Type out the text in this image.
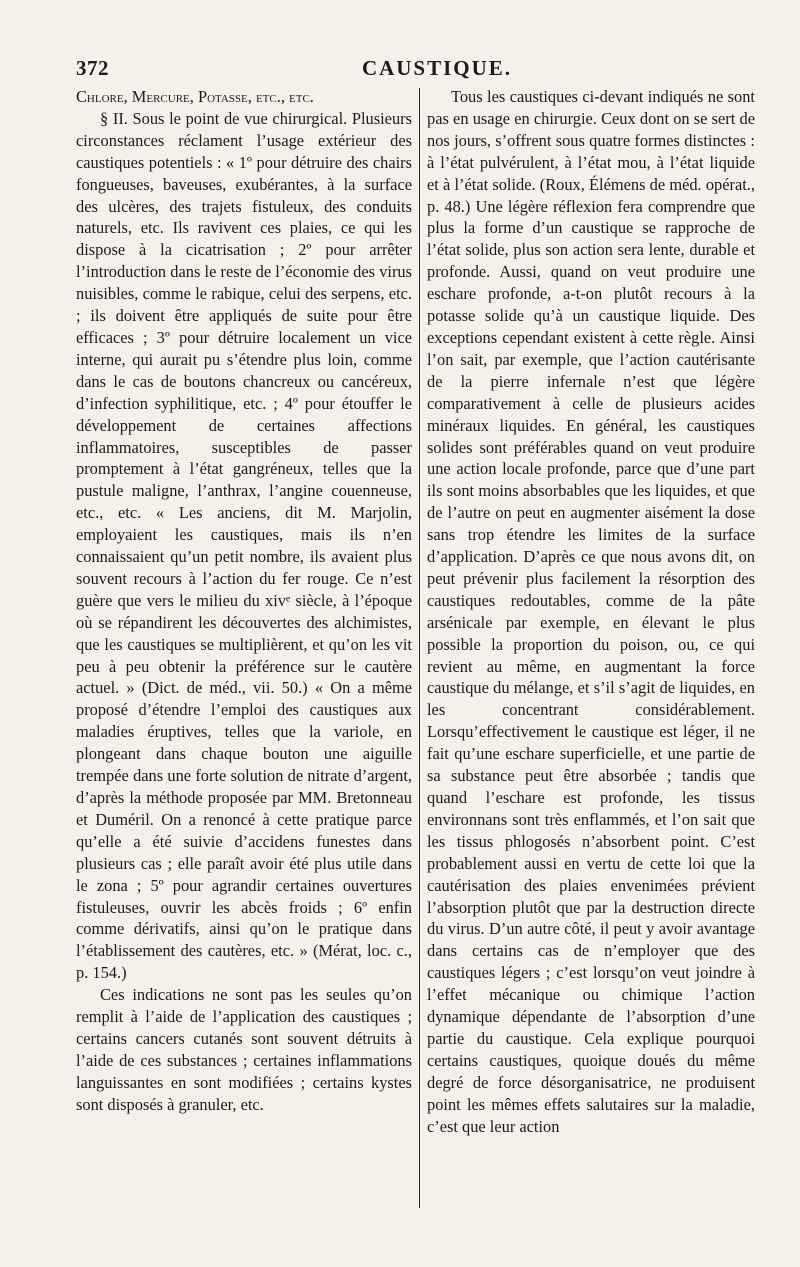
372	CAUSTIQUE.

Chlore, Mercure, Potasse, etc., etc.

§ II. Sous le point de vue chirurgical. Plusieurs circonstances réclament l’usage extérieur des caustiques potentiels : « 1º pour détruire des chairs fongueuses, baveuses, exubérantes, à la surface des ulcères, des trajets fistuleux, des conduits naturels, etc. Ils ravivent ces plaies, ce qui les dispose à la cicatrisation ; 2º pour arrêter l’introduction dans le reste de l’économie des virus nuisibles, comme le rabique, celui des serpens, etc. ; ils doivent être appliqués de suite pour être efficaces ; 3º pour détruire localement un vice interne, qui aurait pu s’étendre plus loin, comme dans le cas de boutons chancreux ou cancéreux, d’infection syphilitique, etc. ; 4º pour étouffer le développement de certaines affections inflammatoires, susceptibles de passer promptement à l’état gangréneux, telles que la pustule maligne, l’anthrax, l’angine couenneuse, etc., etc. « Les anciens, dit M. Marjolin, employaient les caustiques, mais ils n’en connaissaient qu’un petit nombre, ils avaient plus souvent recours à l’action du fer rouge. Ce n’est guère que vers le milieu du xivᵉ siècle, à l’époque où se répandirent les découvertes des alchimistes, que les caustiques se multiplièrent, et qu’on les vit peu à peu obtenir la préférence sur le cautère actuel. » (Dict. de méd., vii. 50.) « On a même proposé d’étendre l’emploi des caustiques aux maladies éruptives, telles que la variole, en plongeant dans chaque bouton une aiguille trempée dans une forte solution de nitrate d’argent, d’après la méthode proposée par MM. Bretonneau et Duméril. On a renoncé à cette pratique parce qu’elle a été suivie d’accidens funestes dans plusieurs cas ; elle paraît avoir été plus utile dans le zona ; 5º pour agrandir certaines ouvertures fistuleuses, ouvrir les abcès froids ; 6º enfin comme dérivatifs, ainsi qu’on le pratique dans l’établissement des cautères, etc. » (Mérat, loc. c., p. 154.)

Ces indications ne sont pas les seules qu’on remplit à l’aide de l’application des caustiques ; certains cancers cutanés sont souvent détruits à l’aide de ces substances ; certaines inflammations languissantes en sont modifiées ; certains kystes sont disposés à granuler, etc.

Tous les caustiques ci-devant indiqués ne sont pas en usage en chirurgie. Ceux dont on se sert de nos jours, s’offrent sous quatre formes distinctes : à l’état pulvérulent, à l’état mou, à l’état liquide et à l’état solide. (Roux, Élémens de méd. opérat., p. 48.) Une légère réflexion fera comprendre que plus la forme d’un caustique se rapproche de l’état solide, plus son action sera lente, durable et profonde. Aussi, quand on veut produire une eschare profonde, a-t-on plutôt recours à la potasse solide qu’à un caustique liquide. Des exceptions cependant existent à cette règle. Ainsi l’on sait, par exemple, que l’action cautérisante de la pierre infernale n’est que légère comparativement à celle de plusieurs acides minéraux liquides. En général, les caustiques solides sont préférables quand on veut produire une action locale profonde, parce que d’une part ils sont moins absorbables que les liquides, et que de l’autre on peut en augmenter aisément la dose sans trop étendre les limites de la surface d’application. D’après ce que nous avons dit, on peut prévenir plus facilement la résorption des caustiques redoutables, comme de la pâte arsénicale par exemple, en élevant le plus possible la proportion du poison, ou, ce qui revient au même, en augmentant la force caustique du mélange, et s’il s’agit de liquides, en les concentrant considérablement. Lorsqu’effectivement le caustique est léger, il ne fait qu’une eschare superficielle, et une partie de sa substance peut être absorbée ; tandis que quand l’eschare est profonde, les tissus environnans sont très enflammés, et l’on sait que les tissus phlogosés n’absorbent point. C’est probablement aussi en vertu de cette loi que la cautérisation des plaies envenimées prévient l’absorption plutôt que par la destruction directe du virus. D’un autre côté, il peut y avoir avantage dans certains cas de n’employer que des caustiques légers ; c’est lorsqu’on veut joindre à l’effet mécanique ou chimique l’action dynamique dépendante de l’absorption d’une partie du caustique. Cela explique pourquoi certains caustiques, quoique doués du même degré de force désorganisatrice, ne produisent point les mêmes effets salutaires sur la maladie, c’est que leur action
